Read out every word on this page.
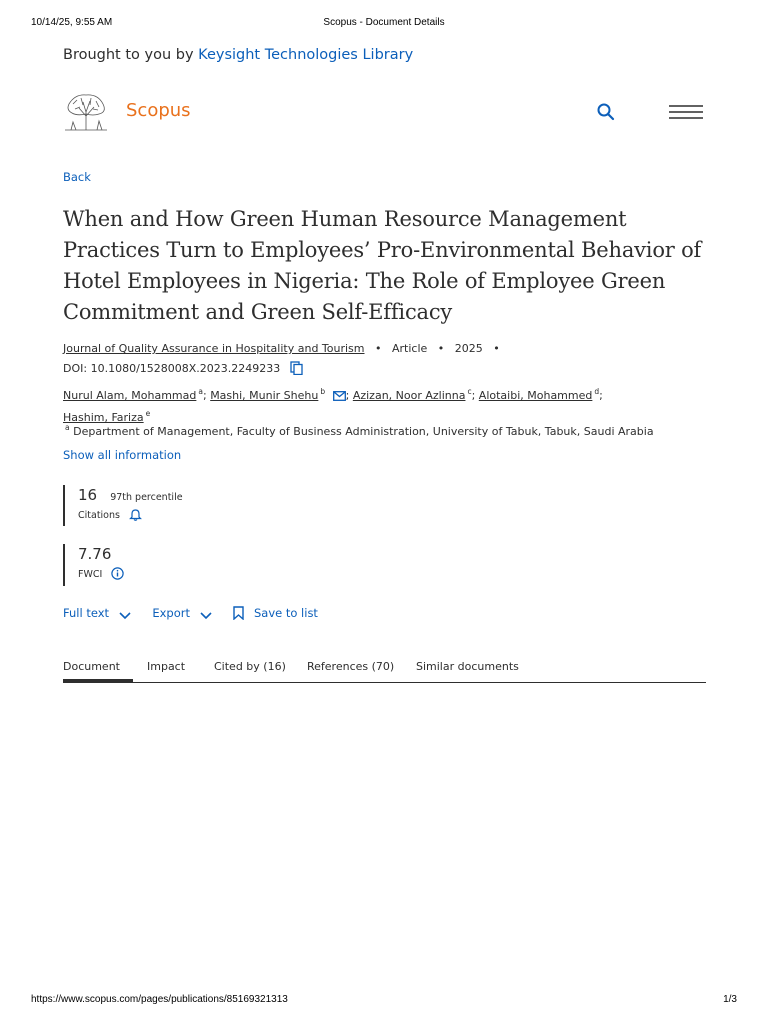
10/14/25, 9:55 AM	Scopus - Document Details
Brought to you by Keysight Technologies Library
Scopus
Back
When and How Green Human Resource Management Practices Turn to Employees’ Pro-Environmental Behavior of Hotel Employees in Nigeria: The Role of Employee Green Commitment and Green Self-Efficacy
Journal of Quality Assurance in Hospitality and Tourism • Article • 2025 •
DOI: 10.1080/1528008X.2023.2249233
Nurul Alam, Mohammad $^a$; Mashi, Munir Shehu $^b$ ; Azizan, Noor Azlinna $^c$; Alotaibi, Mohammed $^d$;
Hashim, Fariza $^e$
$^a$ Department of Management, Faculty of Business Administration, University of Tabuk, Tabuk, Saudi Arabia
Show all information
16 97th percentile
Citations
7.76
FWCI
Full text	Export	Save to list
Document	Impact	Cited by (16) References (70) Similar documents
https://www.scopus.com/pages/publications/85169321313	1/3
